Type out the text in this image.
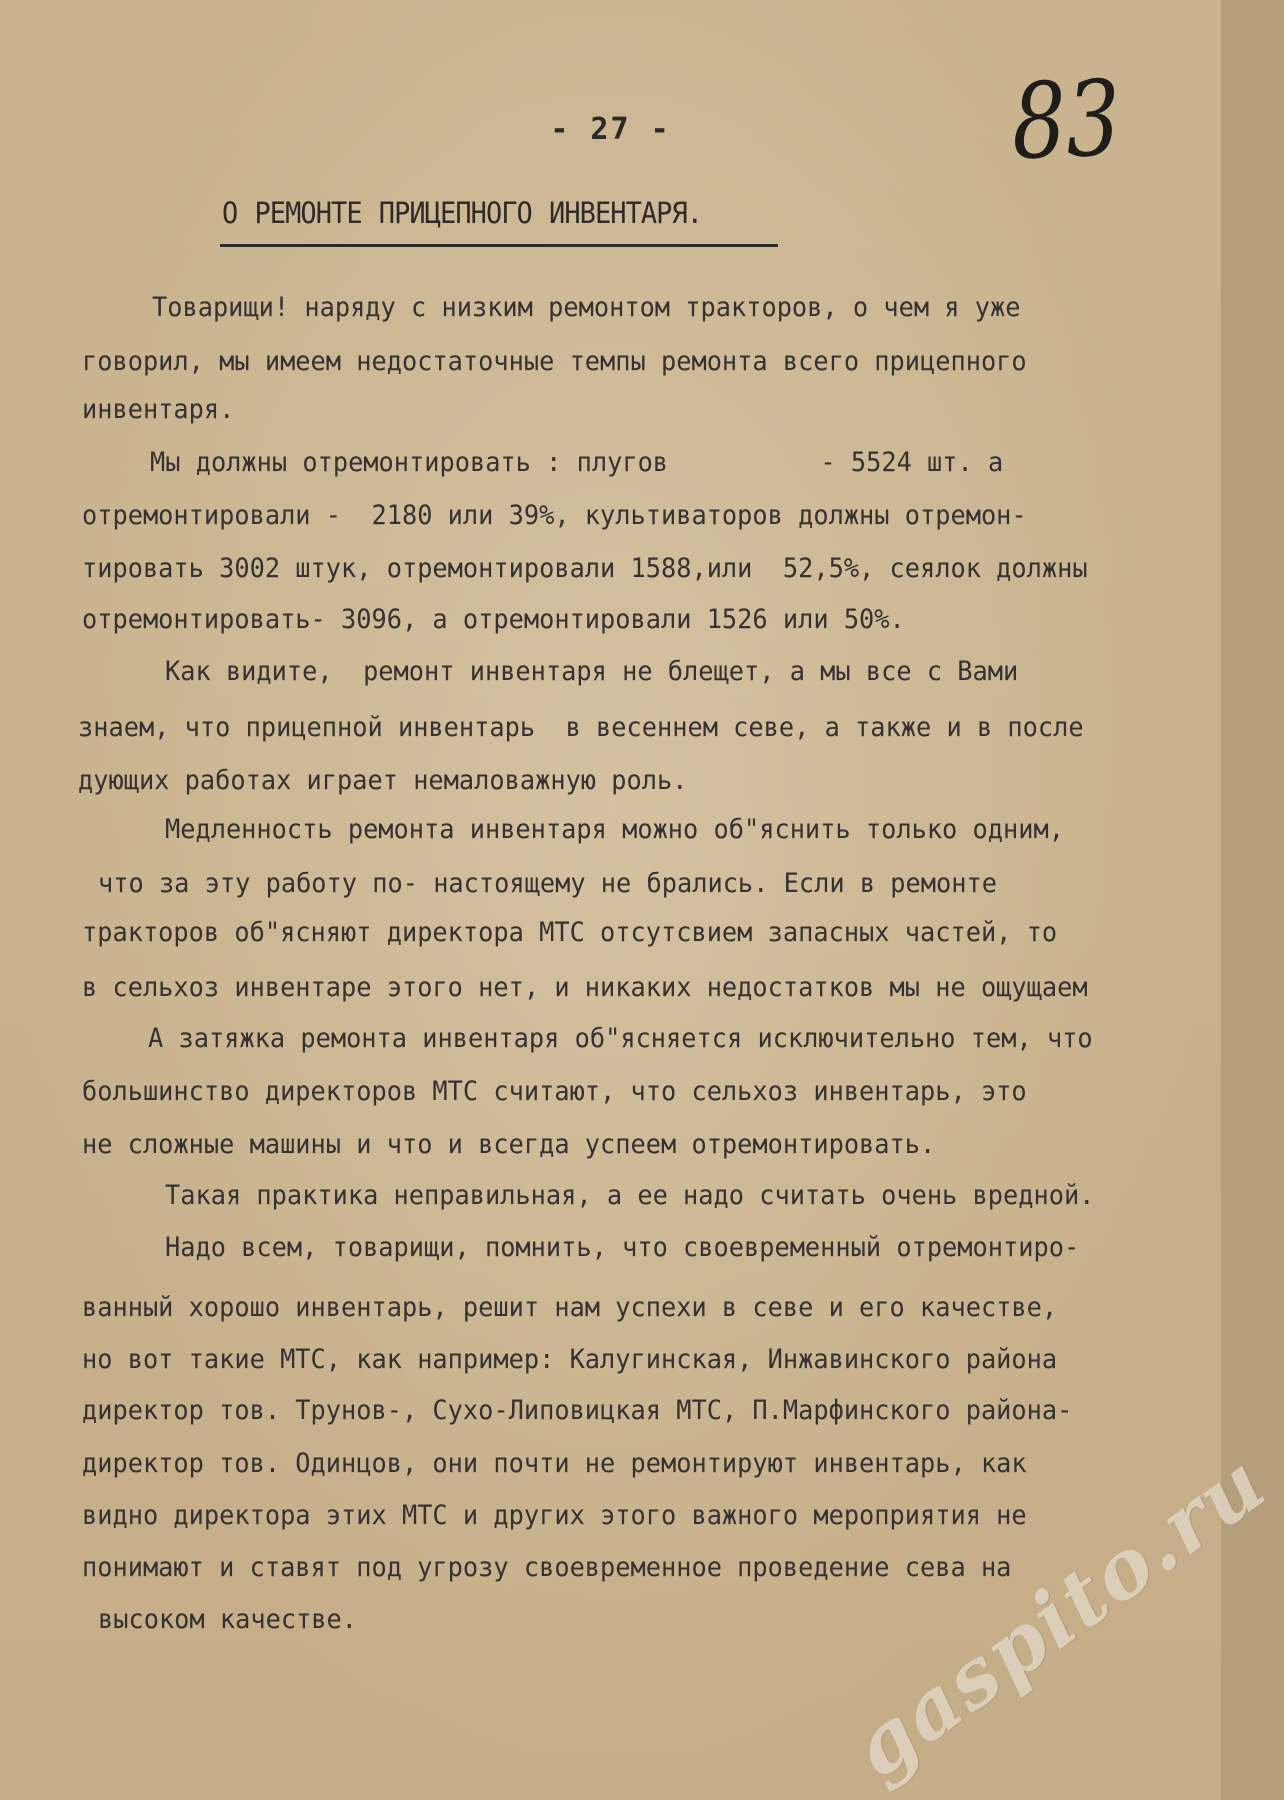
- 27 -	83
О РЕМОНТЕ ПРИЦЕПНОГО ИНВЕНТАРЯ.
Товарищи! наряду с низким ремонтом тракторов, о чем я уже
говорил, мы имеем недостаточные темпы ремонта всего прицепного
инвентаря.
Мы должны отремонтировать : плугов          - 5524 шт. а
отремонтировали -  2180 или 39%, культиваторов должны отремон-
тировать 3002 штук, отремонтировали 1588,или  52,5%, сеялок должны
отремонтировать- 3096, а отремонтировали 1526 или 50%.
Как видите,  ремонт инвентаря не блещет, а мы все с Вами
знаем, что прицепной инвентарь  в весеннем севе, а также и в после
дующих работах играет немаловажную роль.
Медленность ремонта инвентаря можно об"яснить только одним,
что за эту работу по- настоящему не брались. Если в ремонте
тракторов об"ясняют директора МТС отсутсвием запасных частей, то
в сельхоз инвентаре этого нет, и никаких недостатков мы не ощущаем
А затяжка ремонта инвентаря об"ясняется исключительно тем, что
большинство директоров МТС считают, что сельхоз инвентарь, это
не сложные машины и что и всегда успеем отремонтировать.
Такая практика неправильная, а ее надо считать очень вредной.
Надо всем, товарищи, помнить, что своевременный отремонтиро-
ванный хорошо инвентарь, решит нам успехи в севе и его качестве,
но вот такие МТС, как например: Калугинская, Инжавинского района
директор тов. Трунов-, Сухо-Липовицкая МТС, П.Марфинского района-
директор тов. Одинцов, они почти не ремонтируют инвентарь, как
видно директора этих МТС и других этого важного мероприятия не
понимают и ставят под угрозу своевременное проведение сева на
высоком качестве.	gaspito.ru
